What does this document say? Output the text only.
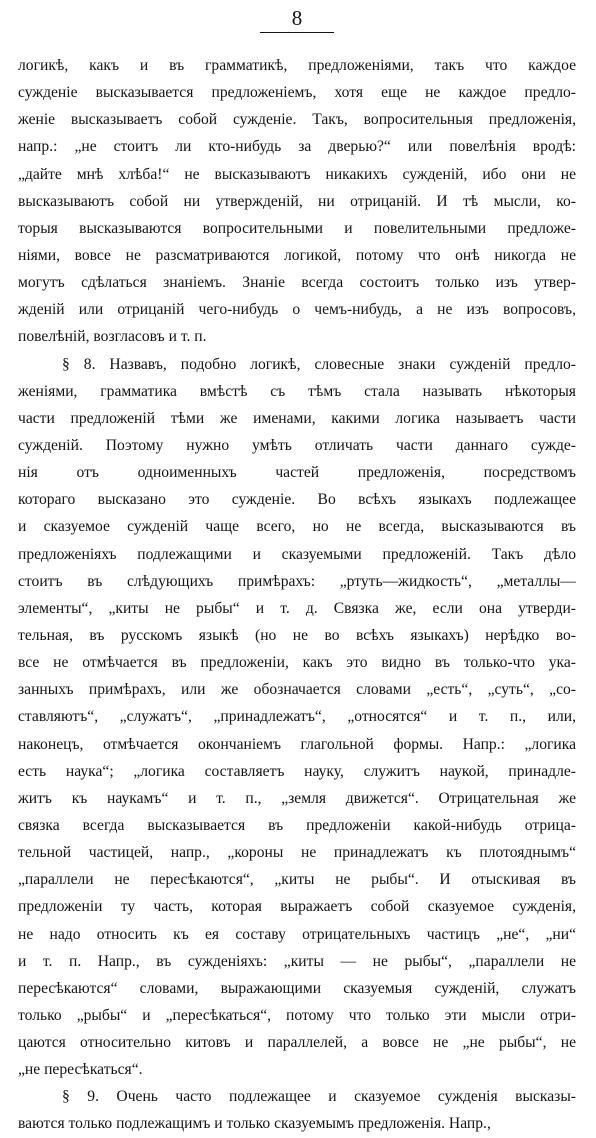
8
логикѣ, какъ и въ грамматикѣ, предложеніями, такъ что каждое
сужденіе высказывается предложеніемъ, хотя еще не каждое предло-
женіе высказываетъ собой сужденіе. Такъ, вопросительныя предложенія,
напр.: „не стоитъ ли кто-нибудь за дверью?“ или повелѣнія вродѣ:
„дайте мнѣ хлѣба!“ не высказываютъ никакихъ сужденій, ибо они не
высказываютъ собой ни утвержденій, ни отрицаній. И тѣ мысли, ко-
торыя высказываются вопросительными и повелительными предложе-
ніями, вовсе не разсматриваются логикой, потому что онѣ никогда не
могутъ сдѣлаться знаніемъ. Знаніе всегда состоитъ только изъ утвер-
жденій или отрицаній чего-нибудь о чемъ-нибудь, а не изъ вопросовъ,
повелѣній, возгласовъ и т. п.
§ 8. Назвавъ, подобно логикѣ, словесные знаки сужденій предло-
женіями, грамматика вмѣстѣ съ тѣмъ стала называть нѣкоторыя
части предложеній тѣми же именами, какими логика называетъ части
сужденій. Поэтому нужно умѣть отличать части даннаго сужде-
нія отъ одноименныхъ частей предложенія, посредствомъ
котораго высказано это сужденіе. Во всѣхъ языкахъ подлежащее
и сказуемое сужденій чаще всего, но не всегда, высказываются въ
предложеніяхъ подлежащими и сказуемыми предложеній. Такъ дѣло
стоитъ въ слѣдующихъ примѣрахъ: „ртуть—жидкость“, „металлы—
элементы“, „киты не рыбы“ и т. д. Связка же, если она утверди-
тельная, въ русскомъ языкѣ (но не во всѣхъ языкахъ) нерѣдко во-
все не отмѣчается въ предложеніи, какъ это видно въ только-что ука-
занныхъ примѣрахъ, или же обозначается словами „есть“, „суть“, „со-
ставляютъ“, „служатъ“, „принадлежатъ“, „относятся“ и т. п., или,
наконецъ, отмѣчается окончаніемъ глагольной формы. Напр.: „логика
есть наука“; „логика составляетъ науку, служитъ наукой, принадле-
житъ къ наукамъ“ и т. п., „земля движется“. Отрицательная же
связка всегда высказывается въ предложеніи какой-нибудь отрица-
тельной частицей, напр., „короны не принадлежатъ къ плотояднымъ“
„параллели не пересѣкаются“, „киты не рыбы“. И отыскивая въ
предложеніи ту часть, которая выражаетъ собой сказуемое сужденія,
не надо относить къ ея составу отрицательныхъ частицъ „не“, „ни“
и т. п. Напр., въ сужденіяхъ: „киты — не рыбы“, „параллели не
пересѣкаются“ словами, выражающими сказуемыя сужденій, служатъ
только „рыбы“ и „пересѣкаться“, потому что только эти мысли отри-
цаются относительно китовъ и параллелей, а вовсе не „не рыбы“, не
„не пересѣкаться“.
§ 9. Очень часто подлежащее и сказуемое сужденія высказы-
ваются только подлежащимъ и только сказуемымъ предложенія. Напр.,
